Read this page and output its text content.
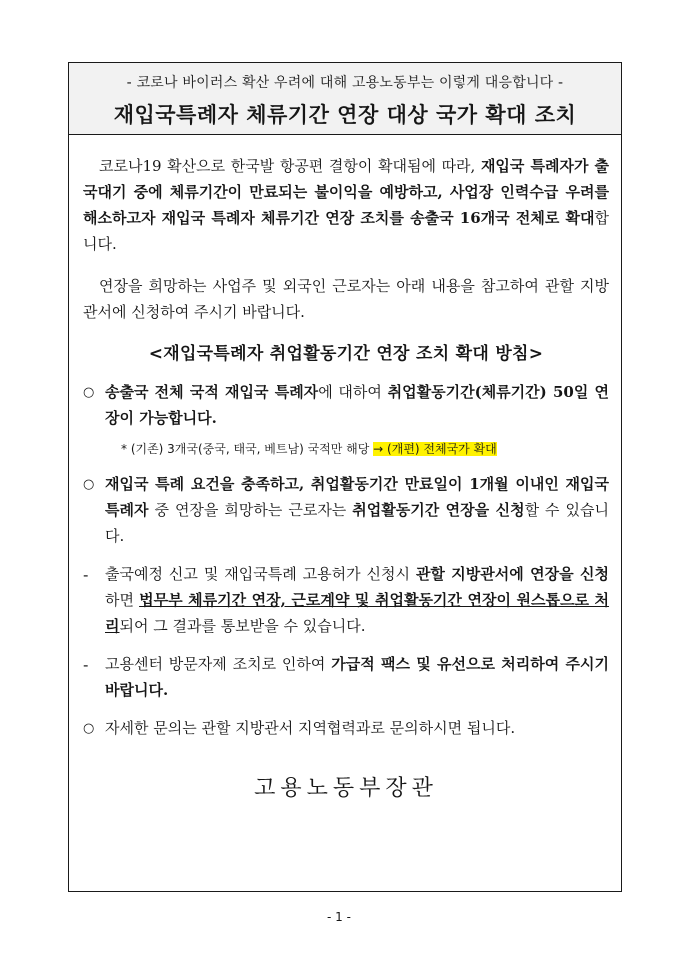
- 코로나 바이러스 확산 우려에 대해 고용노동부는 이렇게 대응합니다 -
재입국특례자 체류기간 연장 대상 국가 확대 조치

코로나19 확산으로 한국발 항공편 결항이 확대됨에 따라, 재입국 특례자가 출국대기 중에 체류기간이 만료되는 불이익을 예방하고, 사업장 인력수급 우려를 해소하고자 재입국 특례자 체류기간 연장 조치를 송출국 16개국 전체로 확대합니다.

연장을 희망하는 사업주 및 외국인 근로자는 아래 내용을 참고하여 관할 지방관서에 신청하여 주시기 바랍니다.

<재입국특례자 취업활동기간 연장 조치 확대 방침>
○ 송출국 전체 국적 재입국 특례자에 대하여 취업활동기간(체류기간) 50일 연장이 가능합니다.
* (기존) 3개국(중국, 태국, 베트남) 국적만 해당 → (개편) 전체국가 확대
○ 재입국 특례 요건을 충족하고, 취업활동기간 만료일이 1개월 이내인 재입국 특례자 중 연장을 희망하는 근로자는 취업활동기간 연장을 신청할 수 있습니다.
-	출국예정 신고 및 재입국특례 고용허가 신청시 관할 지방관서에 연장을 신청하면 법무부 체류기간 연장, 근로계약 및 취업활동기간 연장이 원스톱으로 처리되어 그 결과를 통보받을 수 있습니다.
-	고용센터 방문자제 조치로 인하여 가급적 팩스 및 유선으로 처리하여 주시기 바랍니다.
○ 자세한 문의는 관할 지방관서 지역협력과로 문의하시면 됩니다.
고용노동부장관
- 1 -
